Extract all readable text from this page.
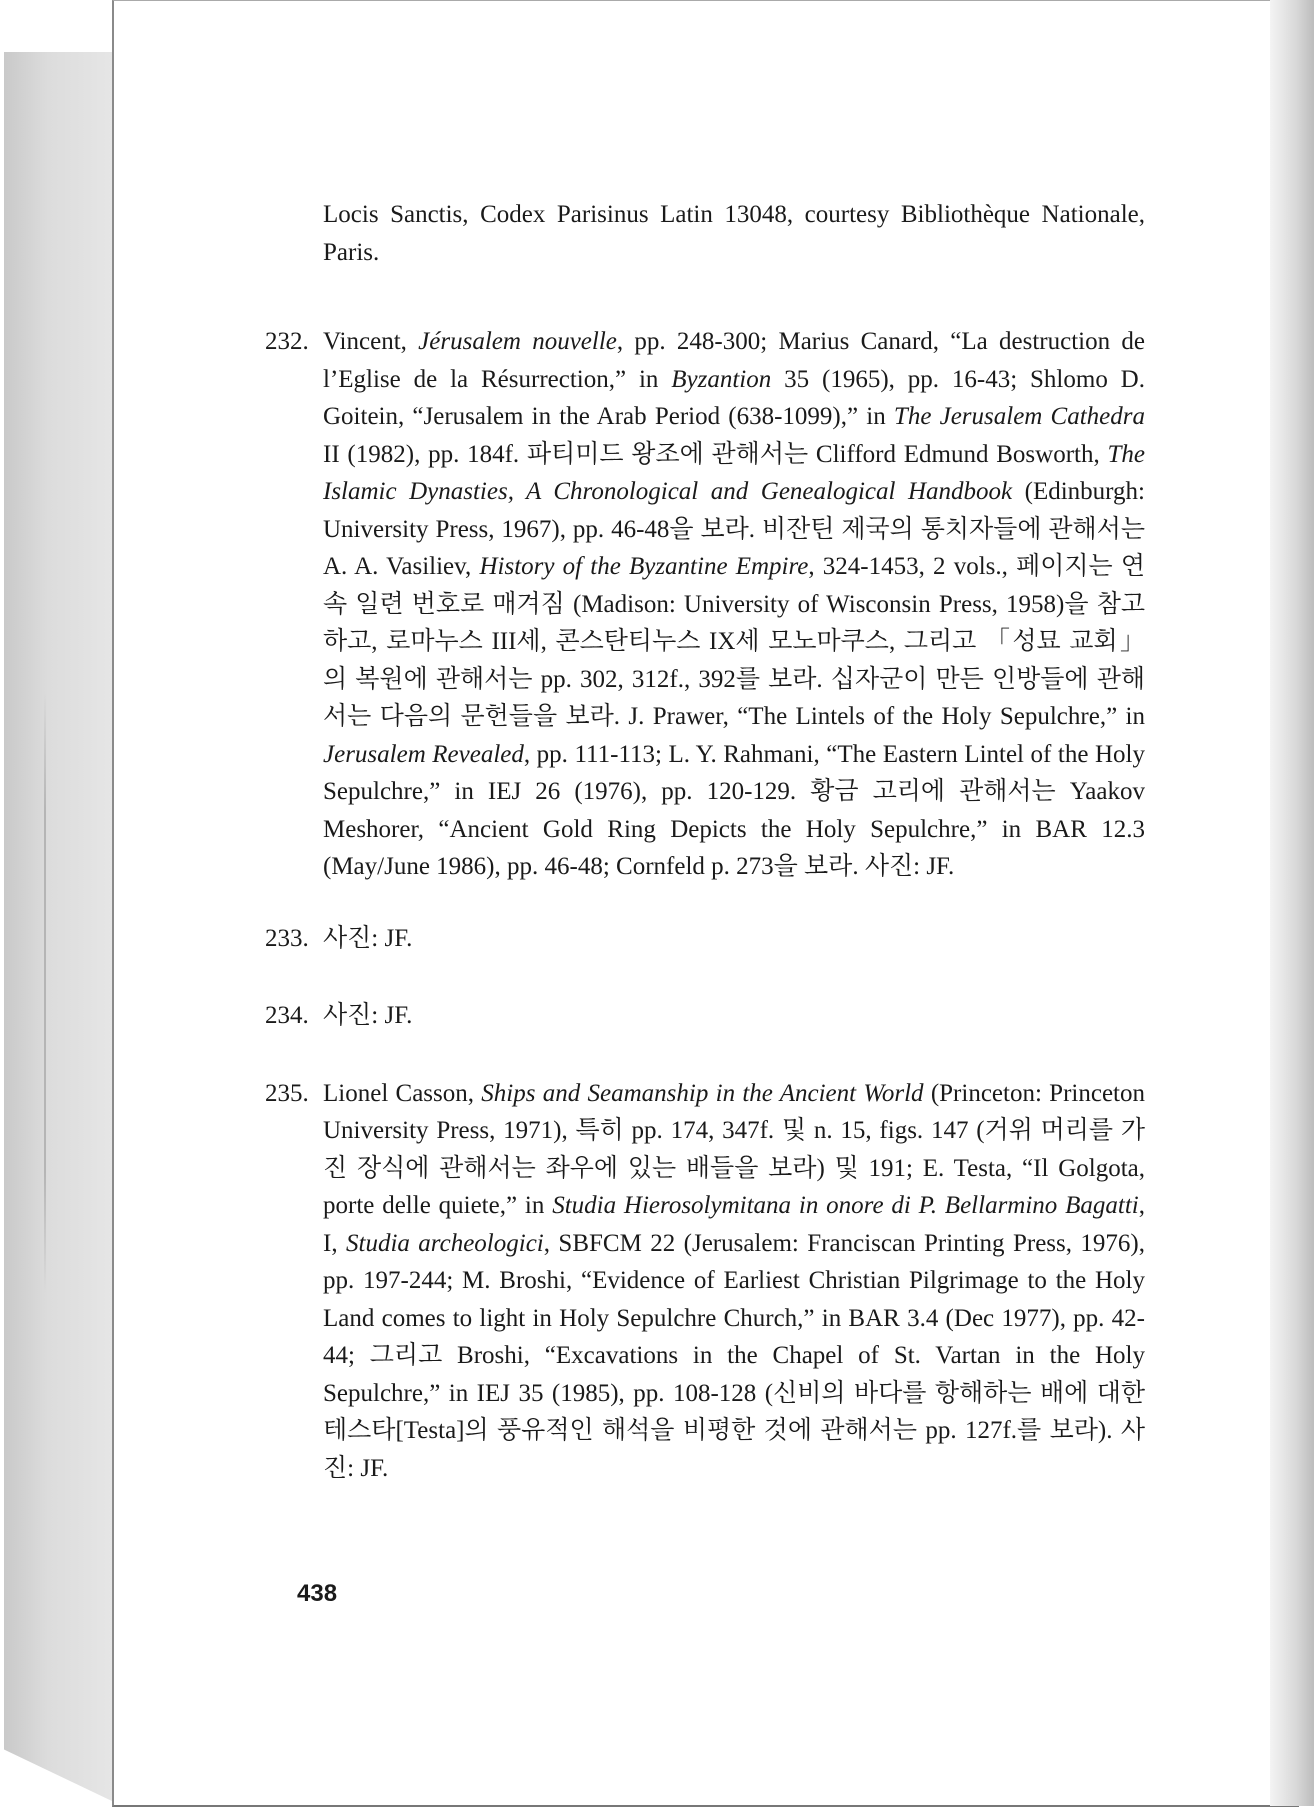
Locis Sanctis, Codex Parisinus Latin 13048, courtesy Bibliothèque Nationale, Paris.
232. Vincent, Jérusalem nouvelle, pp. 248-300; Marius Canard, “La destruction de l’Eglise de la Résurrection,” in Byzantion 35 (1965), pp. 16-43; Shlomo D. Goitein, “Jerusalem in the Arab Period (638-1099),” in The Jerusalem Cathedra II (1982), pp. 184f. 파티미드 왕조에 관해서는 Clifford Edmund Bosworth, The Islamic Dynasties, A Chronological and Genealogical Handbook (Edinburgh: University Press, 1967), pp. 46-48을 보라. 비잔틴 제국의 통치자들에 관해서는 A. A. Vasiliev, History of the Byzantine Empire, 324-1453, 2 vols., 페이지는 연속 일련 번호로 매겨짐 (Madison: University of Wisconsin Press, 1958)을 참고하고, 로마누스 III세, 콘스탄티누스 IX세 모노마쿠스, 그리고 「성묘 교회」의 복원에 관해서는 pp. 302, 312f., 392를 보라. 십자군이 만든 인방들에 관해서는 다음의 문헌들을 보라. J. Prawer, “The Lintels of the Holy Sepulchre,” in Jerusalem Revealed, pp. 111-113; L. Y. Rahmani, “The Eastern Lintel of the Holy Sepulchre,” in IEJ 26 (1976), pp. 120-129. 황금 고리에 관해서는 Yaakov Meshorer, “Ancient Gold Ring Depicts the Holy Sepulchre,” in BAR 12.3 (May/June 1986), pp. 46-48; Cornfeld p. 273을 보라. 사진: JF.
233. 사진: JF.
234. 사진: JF.
235. Lionel Casson, Ships and Seamanship in the Ancient World (Princeton: Princeton University Press, 1971), 특히 pp. 174, 347f. 및 n. 15, figs. 147 (거위 머리를 가진 장식에 관해서는 좌우에 있는 배들을 보라) 및 191; E. Testa, “Il Golgota, porte delle quiete,” in Studia Hierosolymitana in onore di P. Bellarmino Bagatti, I, Studia archeologici, SBFCM 22 (Jerusalem: Franciscan Printing Press, 1976), pp. 197-244; M. Broshi, “Evidence of Earliest Christian Pilgrimage to the Holy Land comes to light in Holy Sepulchre Church,” in BAR 3.4 (Dec 1977), pp. 42-44; 그리고 Broshi, “Excavations in the Chapel of St. Vartan in the Holy Sepulchre,” in IEJ 35 (1985), pp. 108-128 (신비의 바다를 항해하는 배에 대한 테스타[Testa]의 풍유적인 해석을 비평한 것에 관해서는 pp. 127f.를 보라). 사진: JF.
438
